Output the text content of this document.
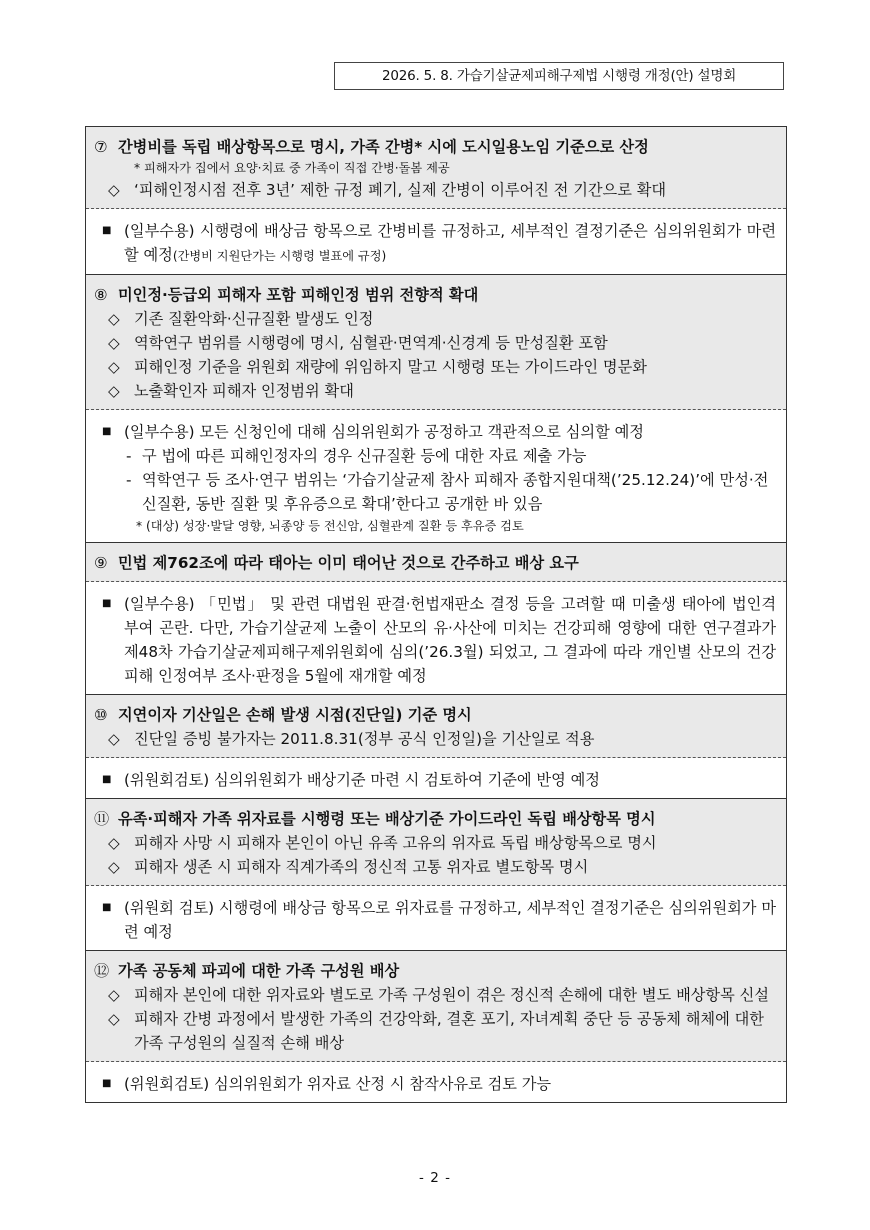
2026. 5. 8. 가습기살균제피해구제법 시행령 개정(안) 설명회
⑦ 간병비를 독립 배상항목으로 명시, 가족 간병* 시에 도시일용노임 기준으로 산정
* 피해자가 집에서 요양·치료 중 가족이 직접 간병·돌봄 제공
◇ ‘피해인정시점 전후 3년’ 제한 규정 폐기, 실제 간병이 이루어진 전 기간으로 확대
■ (일부수용) 시행령에 배상금 항목으로 간병비를 규정하고, 세부적인 결정기준은 심의위원회가 마련할 예정(간병비 지원단가는 시행령 별표에 규정)
⑧ 미인정·등급외 피해자 포함 피해인정 범위 전향적 확대
◇ 기존 질환악화·신규질환 발생도 인정
◇ 역학연구 범위를 시행령에 명시, 심혈관·면역계·신경계 등 만성질환 포함
◇ 피해인정 기준을 위원회 재량에 위임하지 말고 시행령 또는 가이드라인 명문화
◇ 노출확인자 피해자 인정범위 확대
■ (일부수용) 모든 신청인에 대해 심의위원회가 공정하고 객관적으로 심의할 예정
- 구 법에 따른 피해인정자의 경우 신규질환 등에 대한 자료 제출 가능
- 역학연구 등 조사·연구 범위는 ‘가습기살균제 참사 피해자 종합지원대책(’25.12.24)’에 만성·전신질환, 동반 질환 및 후유증으로 확대’한다고 공개한 바 있음
* (대상) 성장·발달 영향, 뇌종양 등 전신암, 심혈관계 질환 등 후유증 검토
⑨ 민법 제762조에 따라 태아는 이미 태어난 것으로 간주하고 배상 요구
■ (일부수용) 「민법」 및 관련 대법원 판결·헌법재판소 결정 등을 고려할 때 미출생 태아에 법인격 부여 곤란. 다만, 가습기살균제 노출이 산모의 유·사산에 미치는 건강피해 영향에 대한 연구결과가 제48차 가습기살균제피해구제위원회에 심의(’26.3월) 되었고, 그 결과에 따라 개인별 산모의 건강피해 인정여부 조사·판정을 5월에 재개할 예정
⑩ 지연이자 기산일은 손해 발생 시점(진단일) 기준 명시
◇ 진단일 증빙 불가자는 2011.8.31(정부 공식 인정일)을 기산일로 적용
■ (위원회검토) 심의위원회가 배상기준 마련 시 검토하여 기준에 반영 예정
⑪ 유족·피해자 가족 위자료를 시행령 또는 배상기준 가이드라인 독립 배상항목 명시
◇ 피해자 사망 시 피해자 본인이 아닌 유족 고유의 위자료 독립 배상항목으로 명시
◇ 피해자 생존 시 피해자 직계가족의 정신적 고통 위자료 별도항목 명시
■ (위원회 검토) 시행령에 배상금 항목으로 위자료를 규정하고, 세부적인 결정기준은 심의위원회가 마련 예정
⑫ 가족 공동체 파괴에 대한 가족 구성원 배상
◇ 피해자 본인에 대한 위자료와 별도로 가족 구성원이 겪은 정신적 손해에 대한 별도 배상항목 신설
◇ 피해자 간병 과정에서 발생한 가족의 건강악화, 결혼 포기, 자녀계획 중단 등 공동체 해체에 대한 가족 구성원의 실질적 손해 배상
■ (위원회검토) 심의위원회가 위자료 산정 시 참작사유로 검토 가능
- 2 -
